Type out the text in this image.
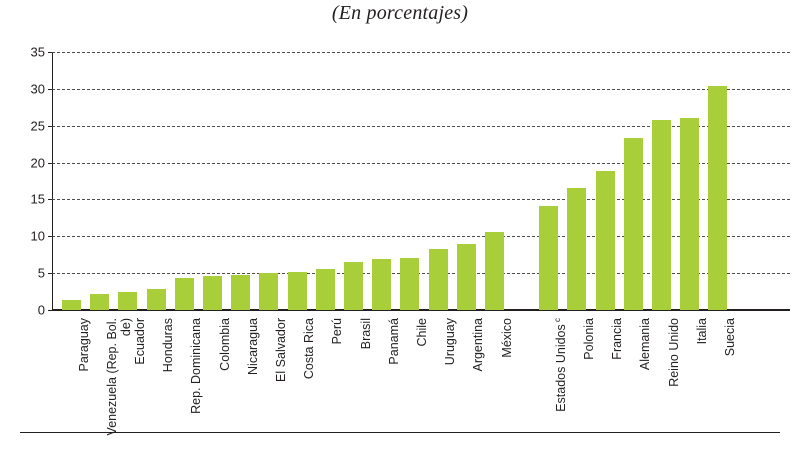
(En porcentajes)
0
5
10
15
20
25
30
35
Paraguay Venezuela (Rep. Bol. de) Ecuador Honduras Rep. Dominicana Colombia Nicaragua El Salvador Costa Rica Perú Brasil Panamá Chile Uruguay Argentina México	Estados Unidos $^c$	Polonia Francia Alemania Reino Unido Italia Suecia
